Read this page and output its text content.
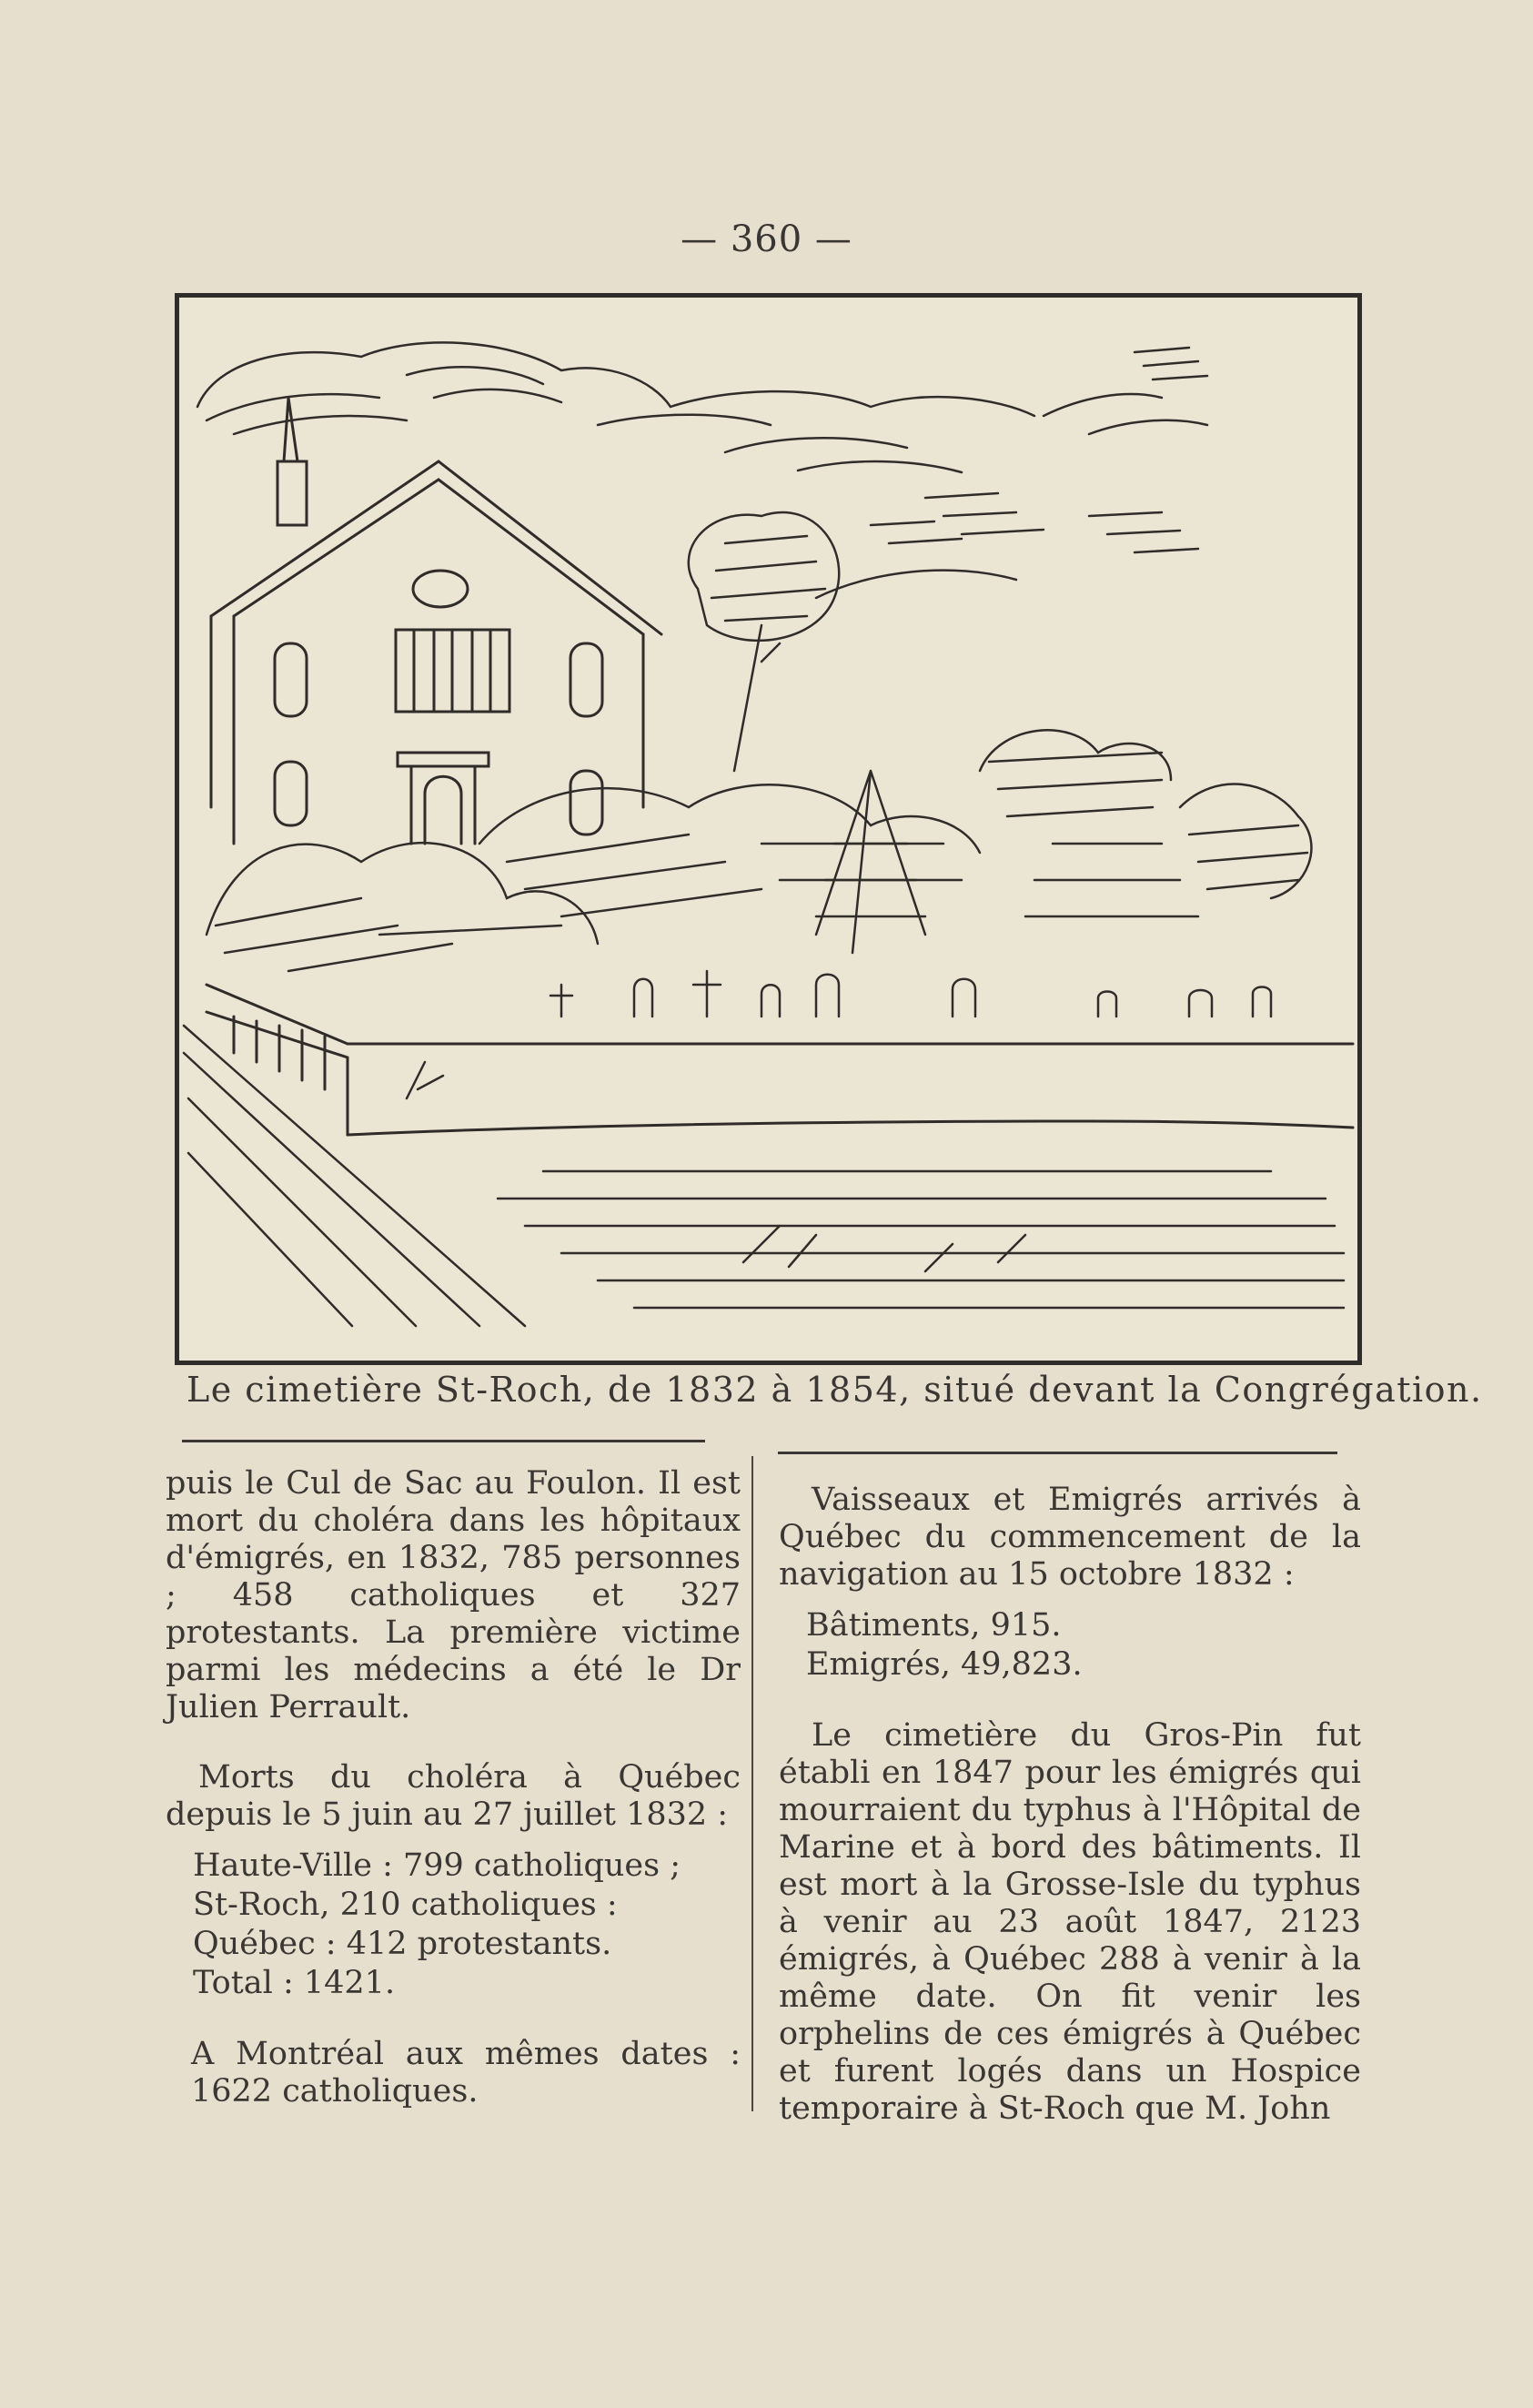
— 360 —
Le cimetière St-Roch, de 1832 à 1854, situé devant la Congrégation.

puis le Cul de Sac au Foulon. Il est mort du choléra dans les hôpitaux d'émigrés, en 1832, 785 personnes ; 458 catholiques et 327 protestants. La première victime parmi les médecins a été le Dr Julien Perrault.

Morts du choléra à Québec depuis le 5 juin au 27 juillet 1832 :

Haute-Ville : 799 catholiques ;
St-Roch, 210 catholiques :
Québec : 412 protestants.
Total : 1421.

A Montréal aux mêmes dates : 1622 catholiques.

Vaisseaux et Emigrés arrivés à Québec du commencement de la navigation au 15 octobre 1832 :

Bâtiments, 915.
Emigrés, 49,823.

Le cimetière du Gros-Pin fut établi en 1847 pour les émigrés qui mourraient du typhus à l'Hôpital de Marine et à bord des bâtiments. Il est mort à la Grosse-Isle du typhus à venir au 23 août 1847, 2123 émigrés, à Québec 288 à venir à la même date. On fit venir les orphelins de ces émigrés à Québec et furent logés dans un Hospice temporaire à St-Roch que M. John
